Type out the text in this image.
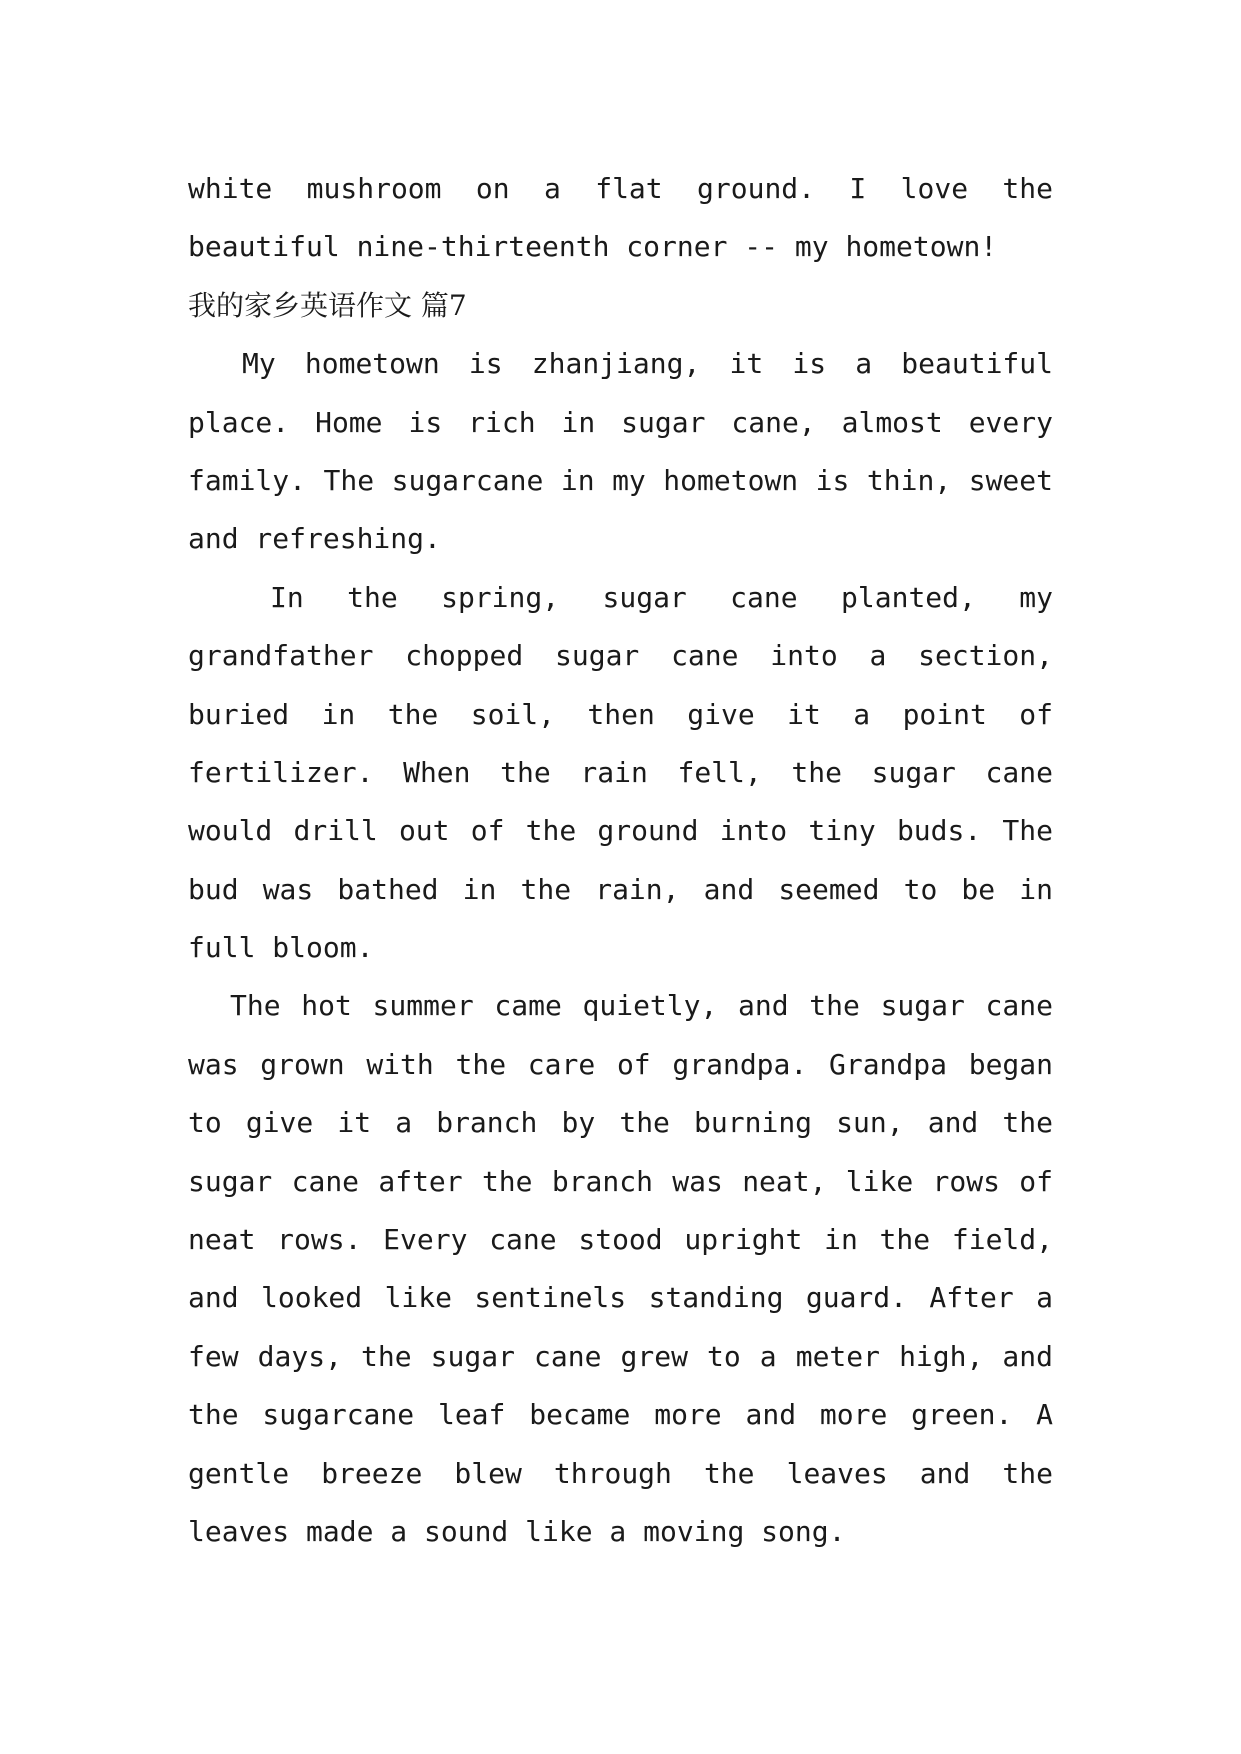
white mushroom on a flat ground. I love the
beautiful nine-thirteenth corner -- my hometown!
我的家乡英语作文 篇7
My hometown is zhanjiang, it is a beautiful
place. Home is rich in sugar cane, almost every
family. The sugarcane in my hometown is thin, sweet
and refreshing.
In the spring, sugar cane planted, my
grandfather chopped sugar cane into a section,
buried in the soil, then give it a point of
fertilizer. When the rain fell, the sugar cane
would drill out of the ground into tiny buds. The
bud was bathed in the rain, and seemed to be in
full bloom.
The hot summer came quietly, and the sugar cane
was grown with the care of grandpa. Grandpa began
to give it a branch by the burning sun, and the
sugar cane after the branch was neat, like rows of
neat rows. Every cane stood upright in the field,
and looked like sentinels standing guard. After a
few days, the sugar cane grew to a meter high, and
the sugarcane leaf became more and more green. A
gentle breeze blew through the leaves and the
leaves made a sound like a moving song.
